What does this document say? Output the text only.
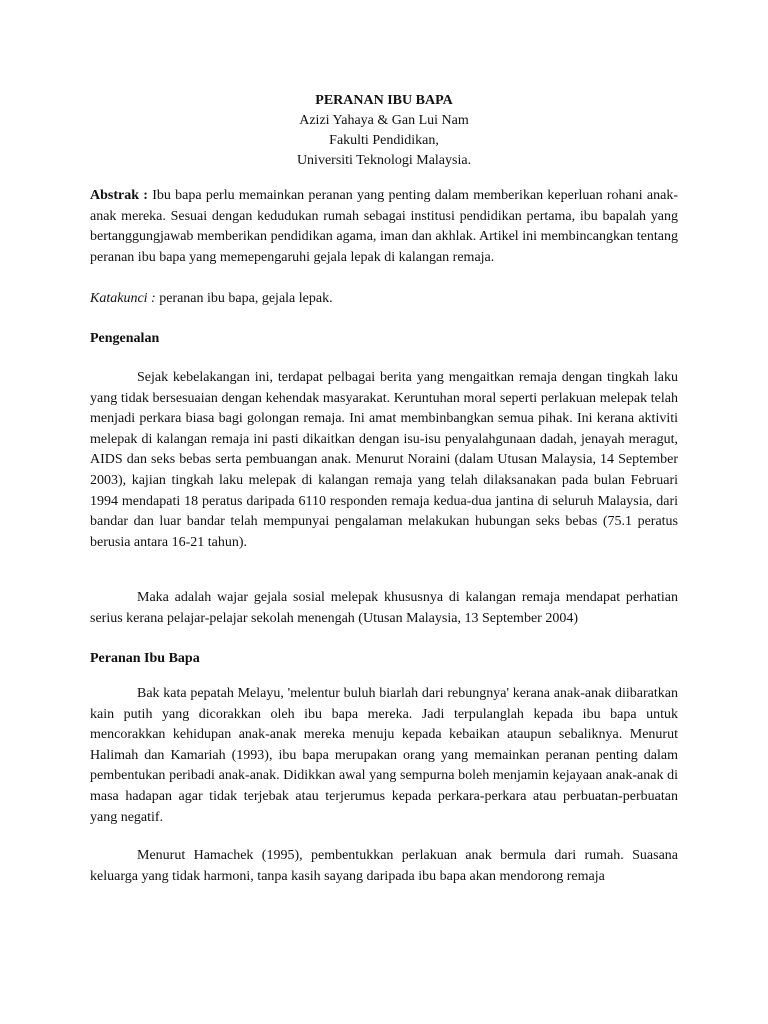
PERANAN IBU BAPA
Azizi Yahaya & Gan Lui Nam
Fakulti Pendidikan,
Universiti Teknologi Malaysia.

Abstrak : Ibu bapa perlu memainkan peranan yang penting dalam memberikan keperluan rohani anak-anak mereka. Sesuai dengan kedudukan rumah sebagai institusi pendidikan pertama, ibu bapalah yang bertanggungjawab memberikan pendidikan agama, iman dan akhlak. Artikel ini membincangkan tentang peranan ibu bapa yang memepengaruhi gejala lepak di kalangan remaja.

Katakunci : peranan ibu bapa, gejala lepak.

Pengenalan

Sejak kebelakangan ini, terdapat pelbagai berita yang mengaitkan remaja dengan tingkah laku yang tidak bersesuaian dengan kehendak masyarakat. Keruntuhan moral seperti perlakuan melepak telah menjadi perkara biasa bagi golongan remaja. Ini amat membinbangkan semua pihak. Ini kerana aktiviti melepak di kalangan remaja ini pasti dikaitkan dengan isu-isu penyalahgunaan dadah, jenayah meragut, AIDS dan seks bebas serta pembuangan anak. Menurut Noraini (dalam Utusan Malaysia, 14 September 2003), kajian tingkah laku melepak di kalangan remaja yang telah dilaksanakan pada bulan Februari 1994 mendapati 18 peratus daripada 6110 responden remaja kedua-dua jantina di seluruh Malaysia, dari bandar dan luar bandar telah mempunyai pengalaman melakukan hubungan seks bebas (75.1 peratus berusia antara 16-21 tahun).

Maka adalah wajar gejala sosial melepak khususnya di kalangan remaja mendapat perhatian serius kerana pelajar-pelajar sekolah menengah (Utusan Malaysia, 13 September 2004)

Peranan Ibu Bapa

Bak kata pepatah Melayu, 'melentur buluh biarlah dari rebungnya' kerana anak-anak diibaratkan kain putih yang dicorakkan oleh ibu bapa mereka. Jadi terpulanglah kepada ibu bapa untuk mencorakkan kehidupan anak-anak mereka menuju kepada kebaikan ataupun sebaliknya. Menurut Halimah dan Kamariah (1993), ibu bapa merupakan orang yang memainkan peranan penting dalam pembentukan peribadi anak-anak. Didikkan awal yang sempurna boleh menjamin kejayaan anak-anak di masa hadapan agar tidak terjebak atau terjerumus kepada perkara-perkara atau perbuatan-perbuatan yang negatif.

Menurut Hamachek (1995), pembentukkan perlakuan anak bermula dari rumah. Suasana keluarga yang tidak harmoni, tanpa kasih sayang daripada ibu bapa akan mendorong remaja
